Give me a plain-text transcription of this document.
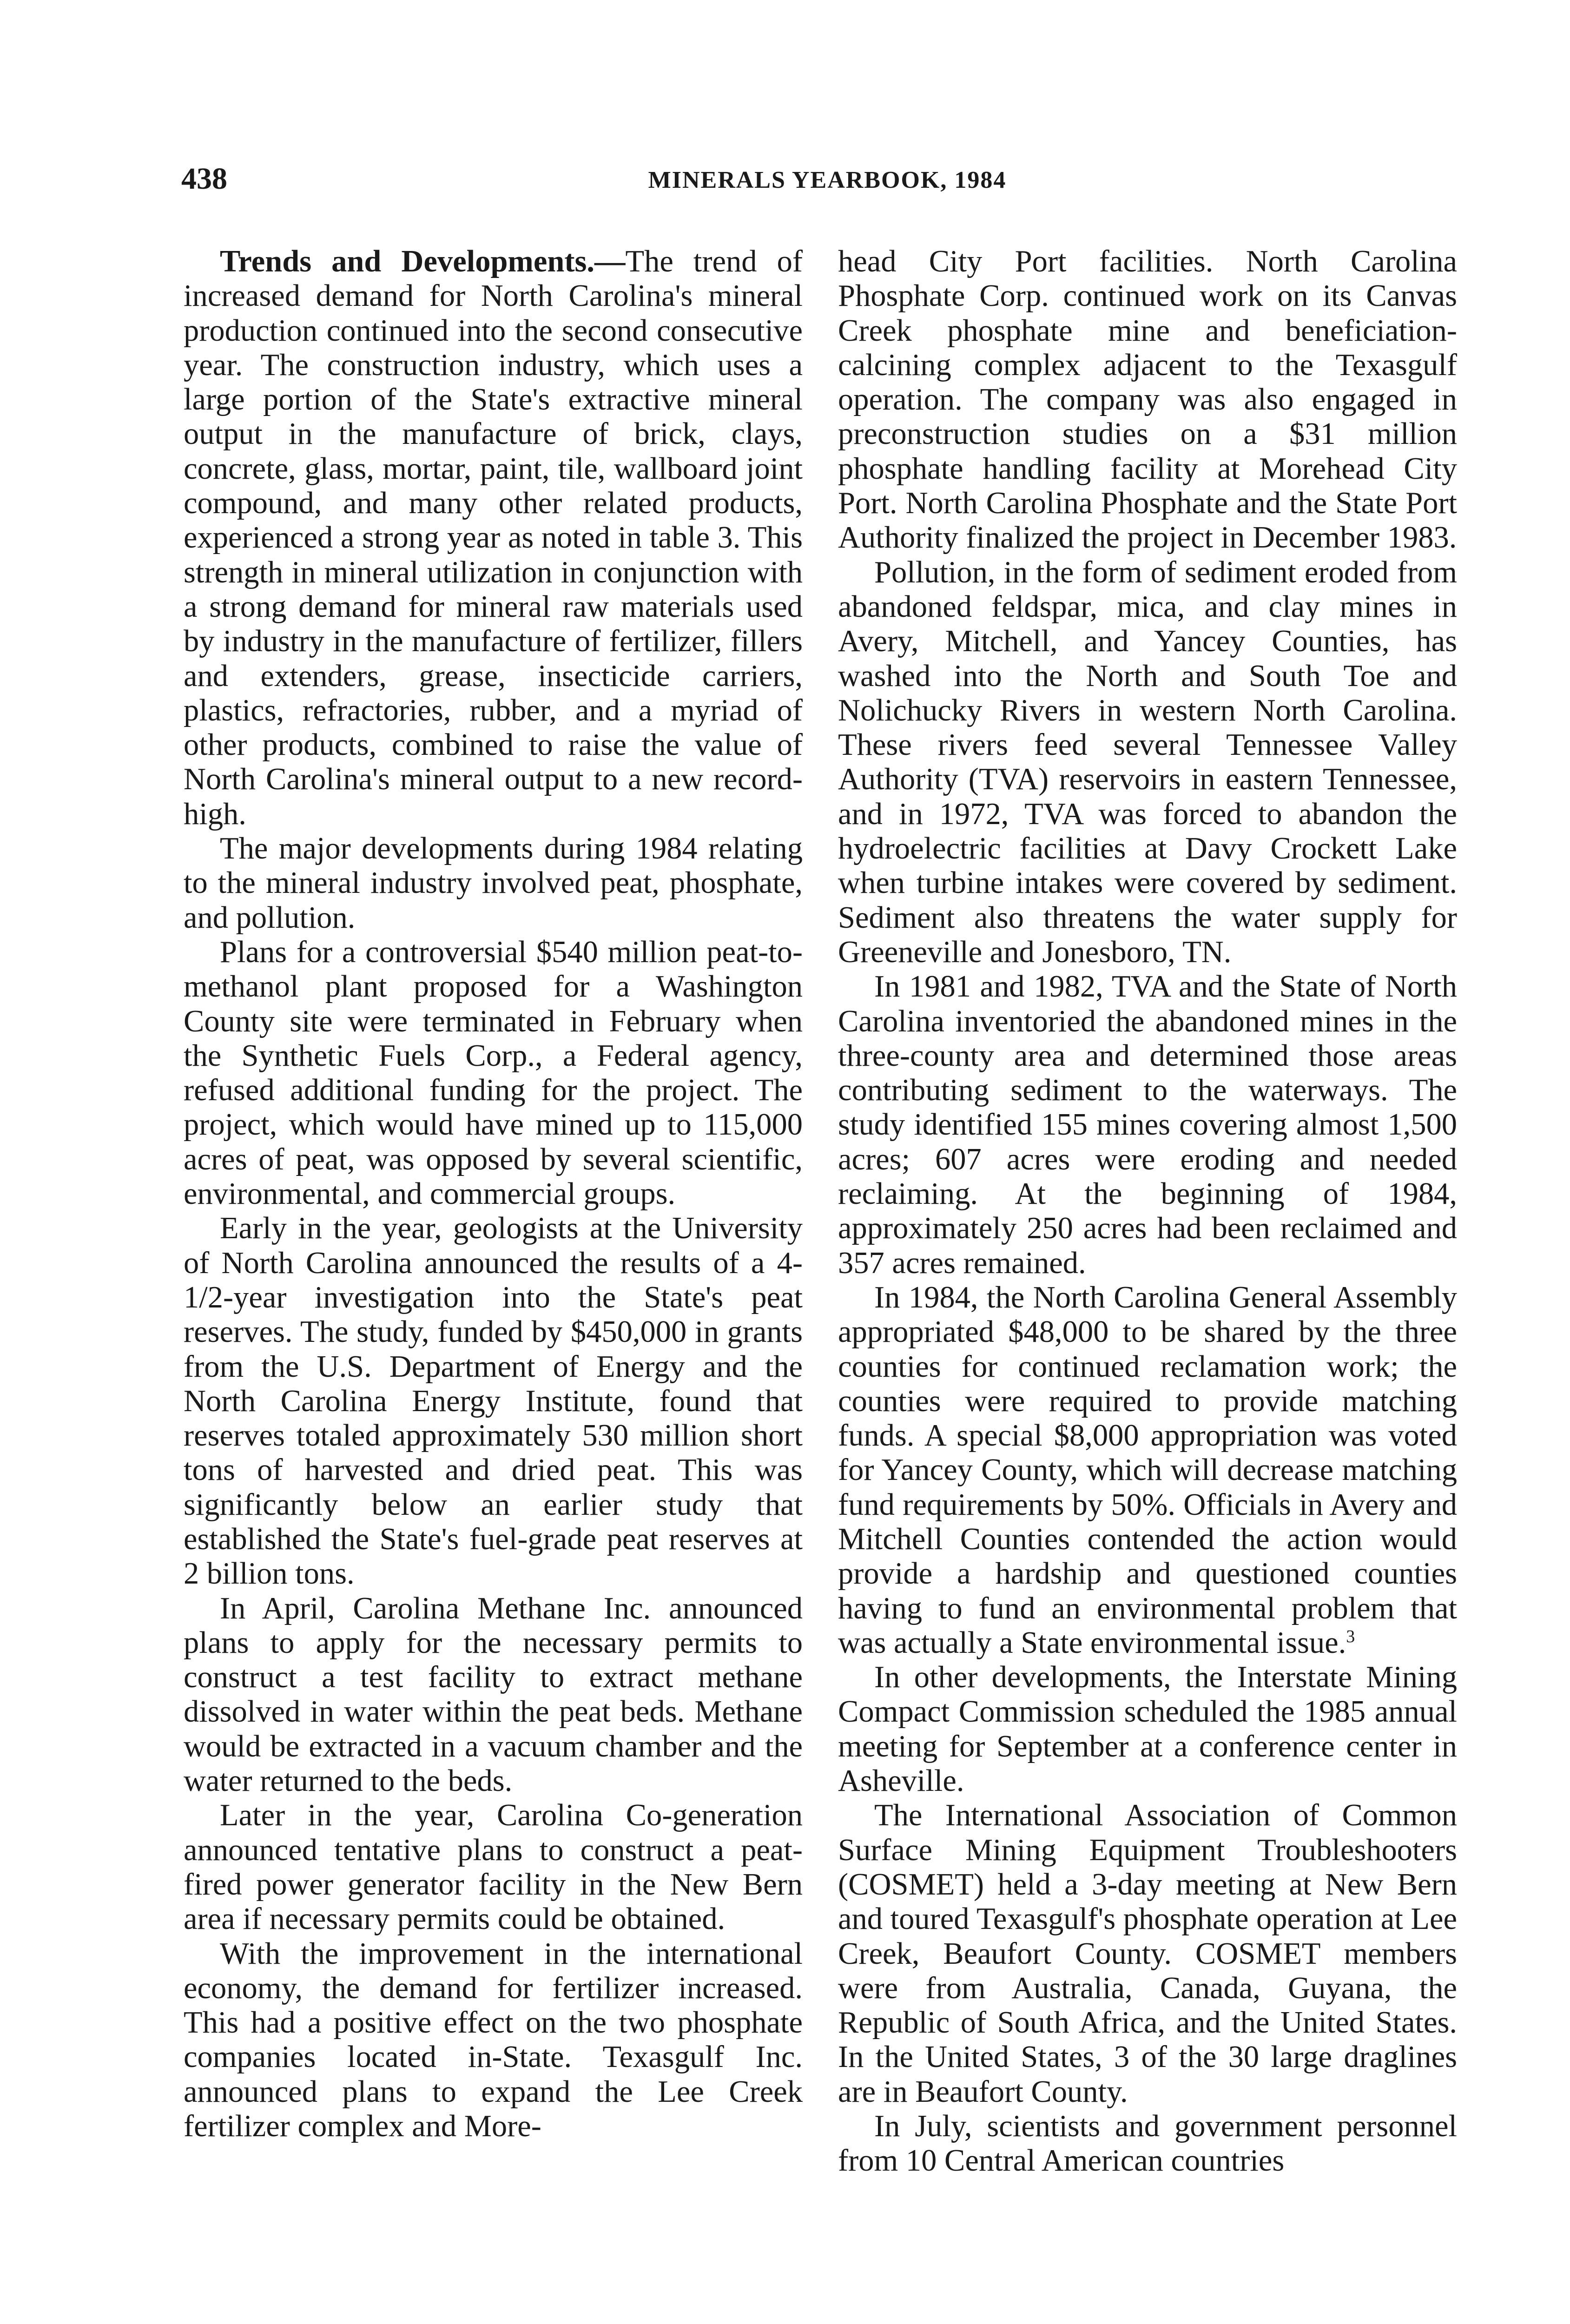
438	MINERALS YEARBOOK, 1984

Trends and Developments.—The trend of increased demand for North Carolina's mineral production continued into the second consecutive year. The construction industry, which uses a large portion of the State's extractive mineral output in the manufacture of brick, clays, concrete, glass, mortar, paint, tile, wallboard joint compound, and many other related products, experienced a strong year as noted in table 3. This strength in mineral utilization in conjunction with a strong demand for mineral raw materials used by industry in the manufacture of fertilizer, fillers and extenders, grease, insecticide carriers, plastics, refractories, rubber, and a myriad of other products, combined to raise the value of North Carolina's mineral output to a new record-high.

The major developments during 1984 relating to the mineral industry involved peat, phosphate, and pollution.

Plans for a controversial $540 million peat-to-methanol plant proposed for a Washington County site were terminated in February when the Synthetic Fuels Corp., a Federal agency, refused additional funding for the project. The project, which would have mined up to 115,000 acres of peat, was opposed by several scientific, environmental, and commercial groups.

Early in the year, geologists at the University of North Carolina announced the results of a 4-1/2-year investigation into the State's peat reserves. The study, funded by $450,000 in grants from the U.S. Department of Energy and the North Carolina Energy Institute, found that reserves totaled approximately 530 million short tons of harvested and dried peat. This was significantly below an earlier study that established the State's fuel-grade peat reserves at 2 billion tons.

In April, Carolina Methane Inc. announced plans to apply for the necessary permits to construct a test facility to extract methane dissolved in water within the peat beds. Methane would be extracted in a vacuum chamber and the water returned to the beds.

Later in the year, Carolina Co-generation announced tentative plans to construct a peat-fired power generator facility in the New Bern area if necessary permits could be obtained.

With the improvement in the international economy, the demand for fertilizer increased. This had a positive effect on the two phosphate companies located in-State. Texasgulf Inc. announced plans to expand the Lee Creek fertilizer complex and More-

head City Port facilities. North Carolina Phosphate Corp. continued work on its Canvas Creek phosphate mine and beneficiation-calcining complex adjacent to the Texasgulf operation. The company was also engaged in preconstruction studies on a $31 million phosphate handling facility at Morehead City Port. North Carolina Phosphate and the State Port Authority finalized the project in December 1983.

Pollution, in the form of sediment eroded from abandoned feldspar, mica, and clay mines in Avery, Mitchell, and Yancey Counties, has washed into the North and South Toe and Nolichucky Rivers in western North Carolina. These rivers feed several Tennessee Valley Authority (TVA) reservoirs in eastern Tennessee, and in 1972, TVA was forced to abandon the hydroelectric facilities at Davy Crockett Lake when turbine intakes were covered by sediment. Sediment also threatens the water supply for Greeneville and Jonesboro, TN.

In 1981 and 1982, TVA and the State of North Carolina inventoried the abandoned mines in the three-county area and determined those areas contributing sediment to the waterways. The study identified 155 mines covering almost 1,500 acres; 607 acres were eroding and needed reclaiming. At the beginning of 1984, approximately 250 acres had been reclaimed and 357 acres remained.

In 1984, the North Carolina General Assembly appropriated $48,000 to be shared by the three counties for continued reclamation work; the counties were required to provide matching funds. A special $8,000 appropriation was voted for Yancey County, which will decrease matching fund requirements by 50%. Officials in Avery and Mitchell Counties contended the action would provide a hardship and questioned counties having to fund an environmental problem that was actually a State environmental issue.$^3$

In other developments, the Interstate Mining Compact Commission scheduled the 1985 annual meeting for September at a conference center in Asheville.

The International Association of Common Surface Mining Equipment Troubleshooters (COSMET) held a 3-day meeting at New Bern and toured Texasgulf's phosphate operation at Lee Creek, Beaufort County. COSMET members were from Australia, Canada, Guyana, the Republic of South Africa, and the United States. In the United States, 3 of the 30 large draglines are in Beaufort County.

In July, scientists and government personnel from 10 Central American countries
